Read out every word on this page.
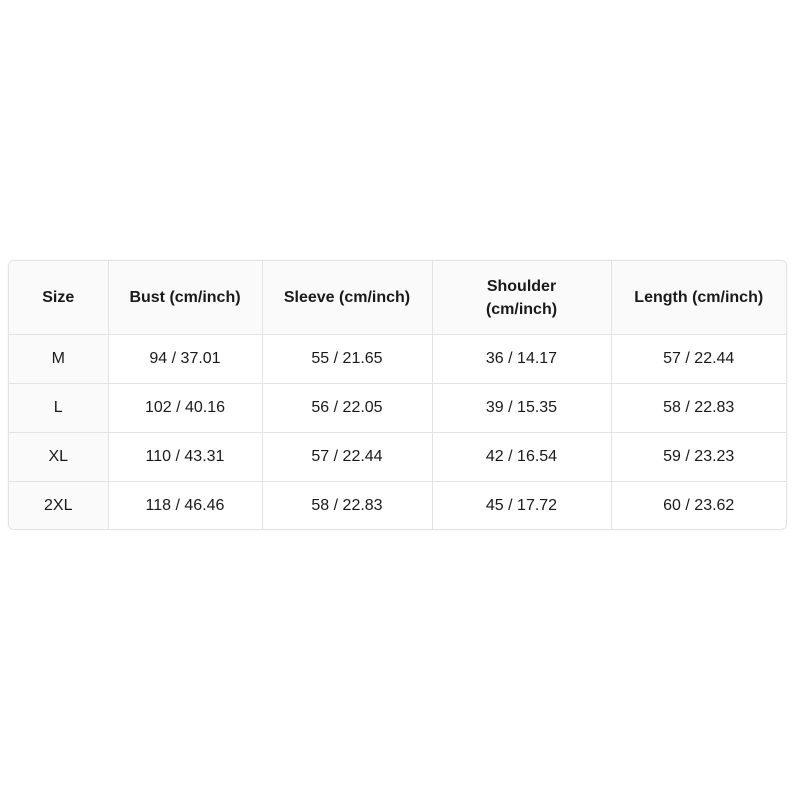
Size	Bust (cm/inch)	Sleeve (cm/inch)	Shoulder (cm/inch)	Length (cm/inch)
M	94 / 37.01	55 / 21.65	36 / 14.17	57 / 22.44
L	102 / 40.16	56 / 22.05	39 / 15.35	58 / 22.83
XL	110 / 43.31	57 / 22.44	42 / 16.54	59 / 23.23
2XL	118 / 46.46	58 / 22.83	45 / 17.72	60 / 23.62
